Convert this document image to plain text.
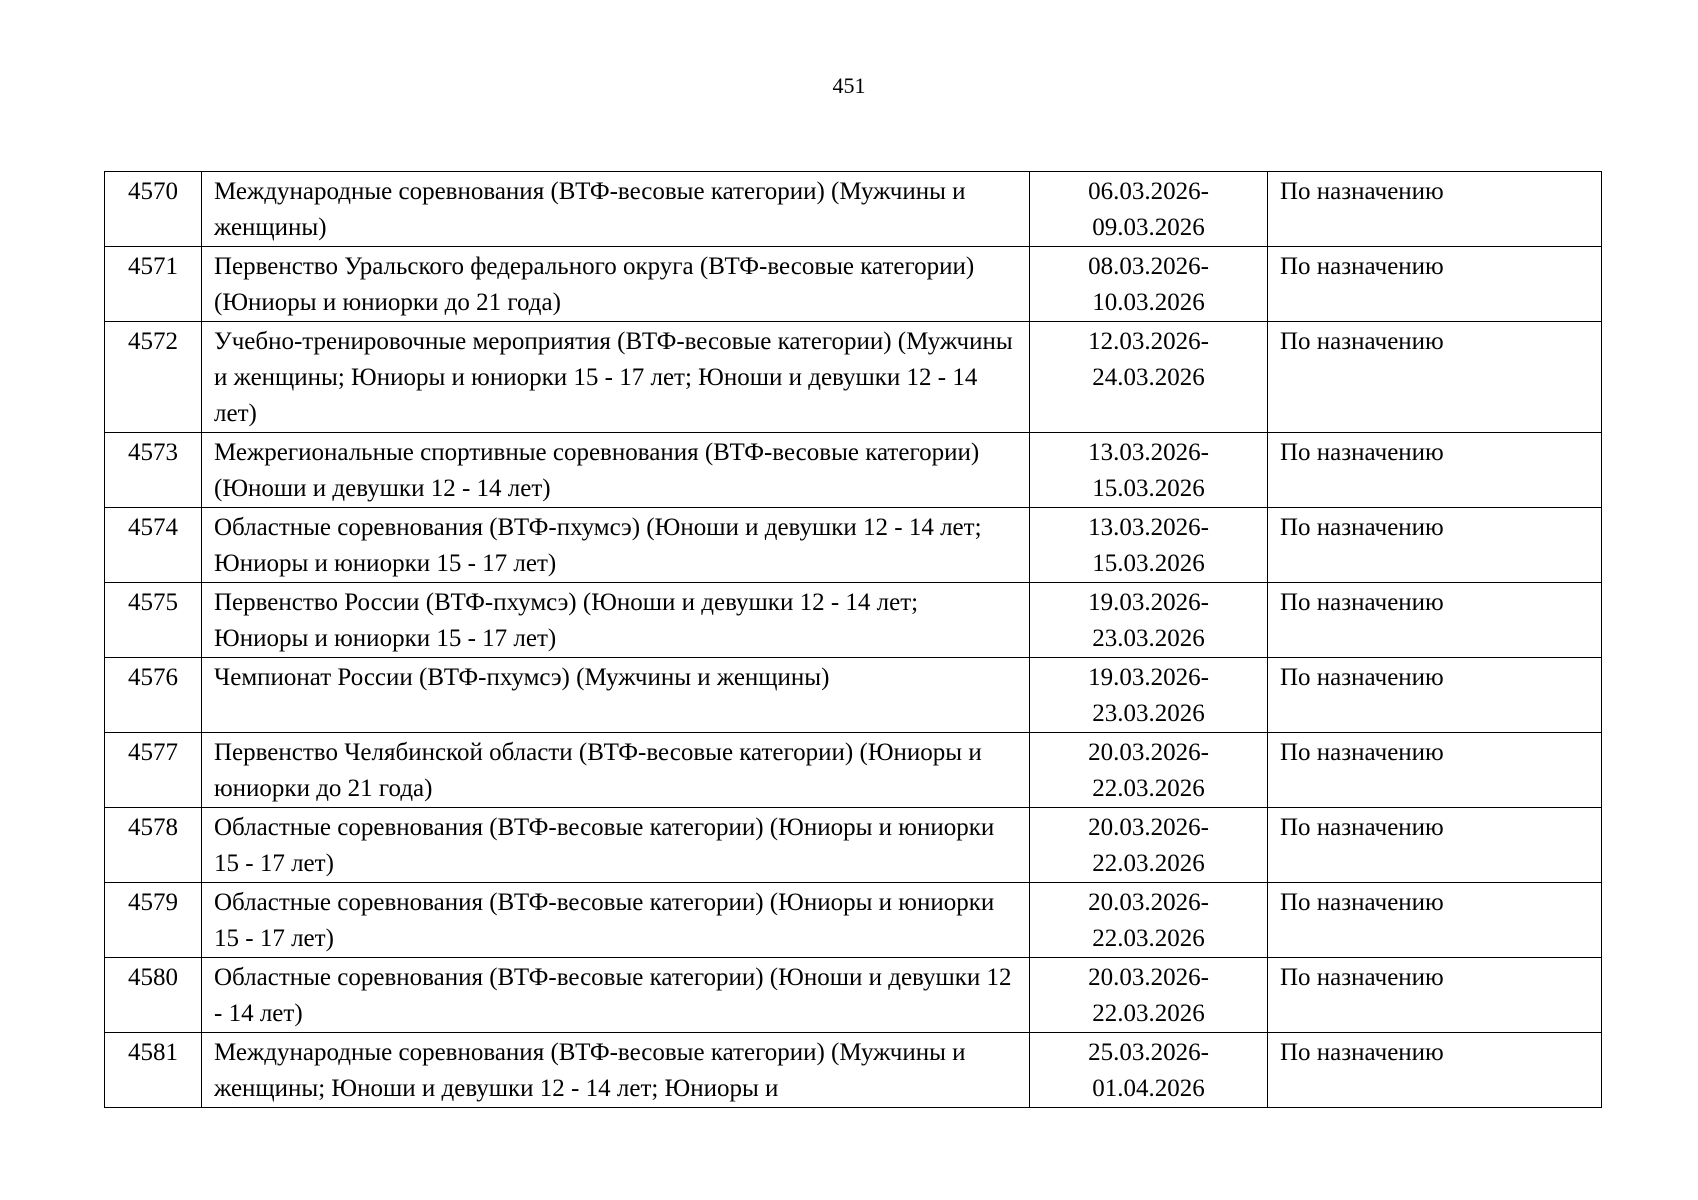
451
4570	Международные соревнования (ВТФ-весовые категории) (Мужчины и женщины)	06.03.2026- 09.03.2026	По назначению
4571	Первенство Уральского федерального округа (ВТФ-весовые категории) (Юниоры и юниорки до 21 года)	08.03.2026- 10.03.2026	По назначению
4572	Учебно-тренировочные мероприятия (ВТФ-весовые категории) (Мужчины и женщины; Юниоры и юниорки 15 - 17 лет; Юноши и девушки 12 - 14 лет)	12.03.2026- 24.03.2026	По назначению
4573	Межрегиональные спортивные соревнования (ВТФ-весовые категории) (Юноши и девушки 12 - 14 лет)	13.03.2026- 15.03.2026	По назначению
4574	Областные соревнования (ВТФ-пхумсэ) (Юноши и девушки 12 - 14 лет; Юниоры и юниорки 15 - 17 лет)	13.03.2026- 15.03.2026	По назначению
4575	Первенство России (ВТФ-пхумсэ) (Юноши и девушки 12 - 14 лет; Юниоры и юниорки 15 - 17 лет)	19.03.2026- 23.03.2026	По назначению
4576	Чемпионат России (ВТФ-пхумсэ) (Мужчины и женщины)	19.03.2026- 23.03.2026	По назначению
4577	Первенство Челябинской области (ВТФ-весовые категории) (Юниоры и юниорки до 21 года)	20.03.2026- 22.03.2026	По назначению
4578	Областные соревнования (ВТФ-весовые категории) (Юниоры и юниорки 15 - 17 лет)	20.03.2026- 22.03.2026	По назначению
4579	Областные соревнования (ВТФ-весовые категории) (Юниоры и юниорки 15 - 17 лет)	20.03.2026- 22.03.2026	По назначению
4580	Областные соревнования (ВТФ-весовые категории) (Юноши и девушки 12 - 14 лет)	20.03.2026- 22.03.2026	По назначению
4581	Международные соревнования (ВТФ-весовые категории) (Мужчины и женщины; Юноши и девушки 12 - 14 лет; Юниоры и	25.03.2026- 01.04.2026	По назначению
